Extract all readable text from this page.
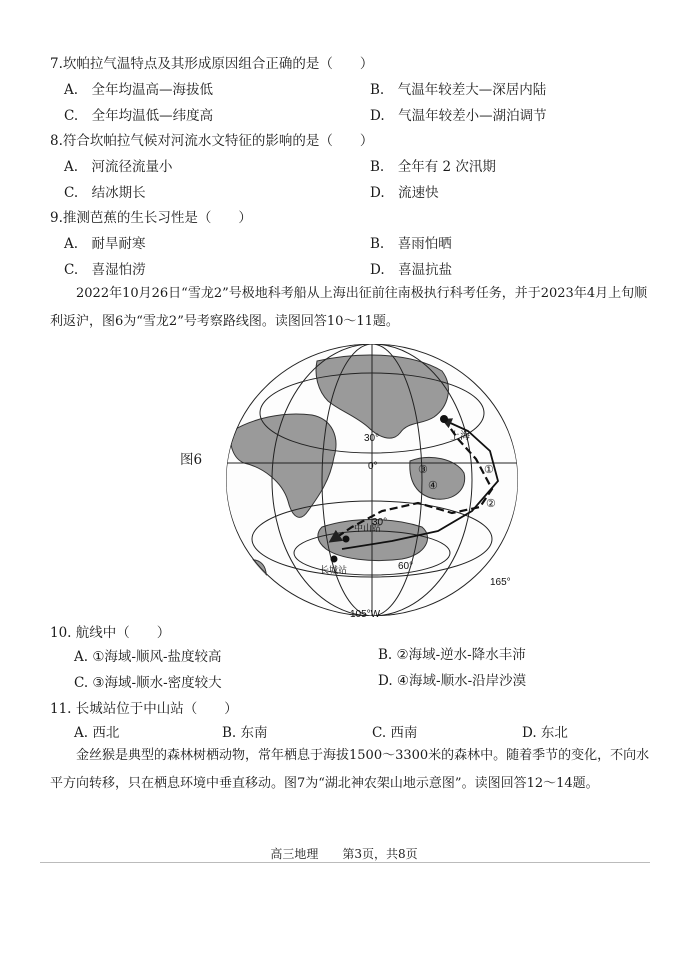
7.坎帕拉气温特点及其形成原因组合正确的是（　　）
A.　全年均温高—海拔低	B.　气温年较差大—深居内陆
C.　全年均温低—纬度高	D.　气温年较差小—湖泊调节
8.符合坎帕拉气候对河流水文特征的影响的是（　　）
A.　河流径流量小	B.　全年有 2 次汛期
C.　结冰期长	D.　流速快
9.推测芭蕉的生长习性是（　　）
A.　耐旱耐寒	B.　喜雨怕晒
C.　喜湿怕涝	D.　喜温抗盐
2022年10月26日“雪龙2”号极地科考船从上海出征前往南极执行科考任务，并于2023年4月上旬顺利返沪，图6为“雪龙2”号考察路线图。读图回答10～11题。
图6
30°
0°
上海
30°
60°
中山站
长城站
105°W
165°
①
②
③
④
10. 航线中（　　）
A. ①海域-顺风-盐度较高	B. ②海域-逆水-降水丰沛
C. ③海域-顺水-密度较大	D. ④海域-顺水-沿岸沙漠
11. 长城站位于中山站（　　）
A. 西北	B. 东南	C. 西南	D. 东北
金丝猴是典型的森林树栖动物，常年栖息于海拔1500～3300米的森林中。随着季节的变化，不向水平方向转移，只在栖息环境中垂直移动。图7为“湖北神农架山地示意图”。读图回答12～14题。
高三地理　　第3页，共8页
